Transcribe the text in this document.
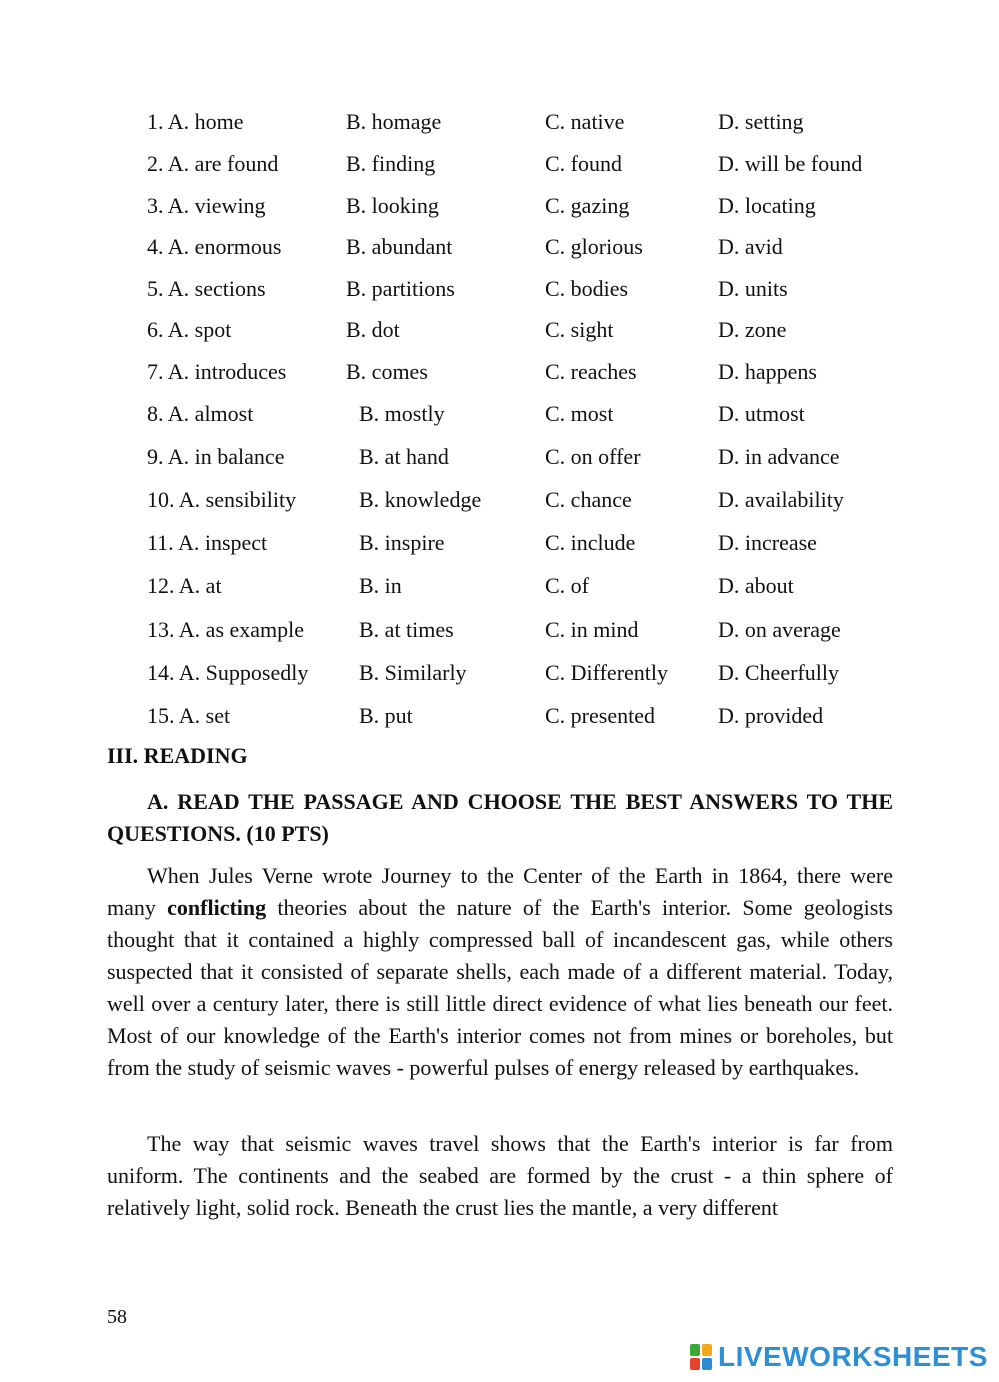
1. A. home	B. homage	C. native	D. setting
2. A. are found	B. finding	C. found	D. will be found
3. A. viewing	B. looking	C. gazing	D. locating
4. A. enormous	B. abundant	C. glorious	D. avid
5. A. sections	B. partitions	C. bodies	D. units
6. A. spot	B. dot	C. sight	D. zone
7. A. introduces	B. comes	C. reaches	D. happens
8. A. almost	B. mostly	C. most	D. utmost
9. A. in balance	B. at hand	C. on offer	D. in advance
10. A. sensibility	B. knowledge	C. chance	D. availability
11. A. inspect	B. inspire	C. include	D. increase
12. A. at	B. in	C. of	D. about
13. A. as example B. at times	C. in mind	D. on average
14. A. Supposedly B. Similarly	C. Differently D. Cheerfully
15. A. set	B. put	C. presented	D. provided
III. READING

A. READ THE PASSAGE AND CHOOSE THE BEST ANSWERS TO THE QUESTIONS. (10 PTS)

When Jules Verne wrote Journey to the Center of the Earth in 1864, there were many conflicting theories about the nature of the Earth's interior. Some geologists thought that it contained a highly compressed ball of incandescent gas, while others suspected that it consisted of separate shells, each made of a different material. Today, well over a century later, there is still little direct evidence of what lies beneath our feet. Most of our knowledge of the Earth's interior comes not from mines or boreholes, but from the study of seismic waves - powerful pulses of energy released by earthquakes.

The way that seismic waves travel shows that the Earth's interior is far from uniform. The continents and the seabed are formed by the crust - a thin sphere of relatively light, solid rock. Beneath the crust lies the mantle, a very different

58

LIVEWORKSHEETS
